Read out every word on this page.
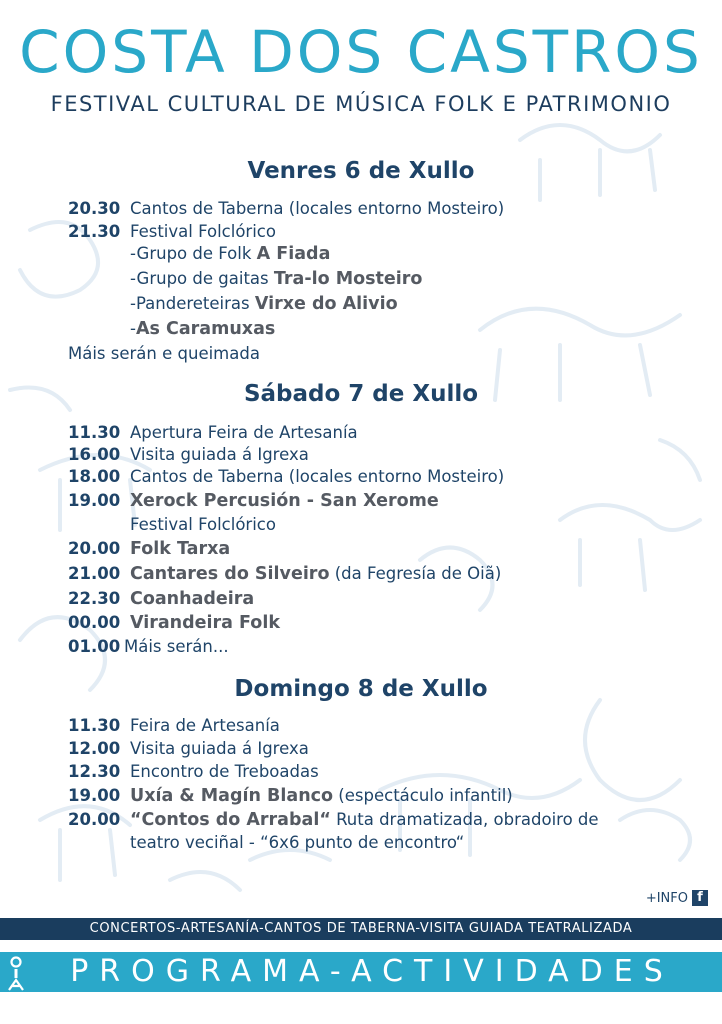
COSTA DOS CASTROS
FESTIVAL CULTURAL DE MÚSICA FOLK E PATRIMONIO
Venres 6 de Xullo
20.30 Cantos de Taberna (locales entorno Mosteiro)
21.30 Festival Folclórico
-Grupo de Folk A Fiada
-Grupo de gaitas Tra-lo Mosteiro
-Pandereteiras Virxe do Alivio
-As Caramuxas
Máis serán e queimada
Sábado 7 de Xullo
11.30 Apertura Feira de Artesanía
16.00 Visita guiada á Igrexa
18.00 Cantos de Taberna (locales entorno Mosteiro)
19.00 Xerock Percusión - San Xerome
Festival Folclórico
20.00 Folk Tarxa
21.00 Cantares do Silveiro (da Fegresía de Oiã)
22.30 Coanhadeira
00.00 Virandeira Folk
01.00 Máis serán...
Domingo 8 de Xullo
11.30 Feira de Artesanía
12.00 Visita guiada á Igrexa
12.30 Encontro de Treboadas
19.00 Uxía & Magín Blanco (espectáculo infantil)
20.00 “Contos do Arrabal“ Ruta dramatizada, obradoiro de
teatro veciñal - “6x6 punto de encontro“
+INFO f
CONCERTOS-ARTESANÍA-CANTOS DE TABERNA-VISITA GUIADA TEATRALIZADA
PROGRAMA-ACTIVIDADES
